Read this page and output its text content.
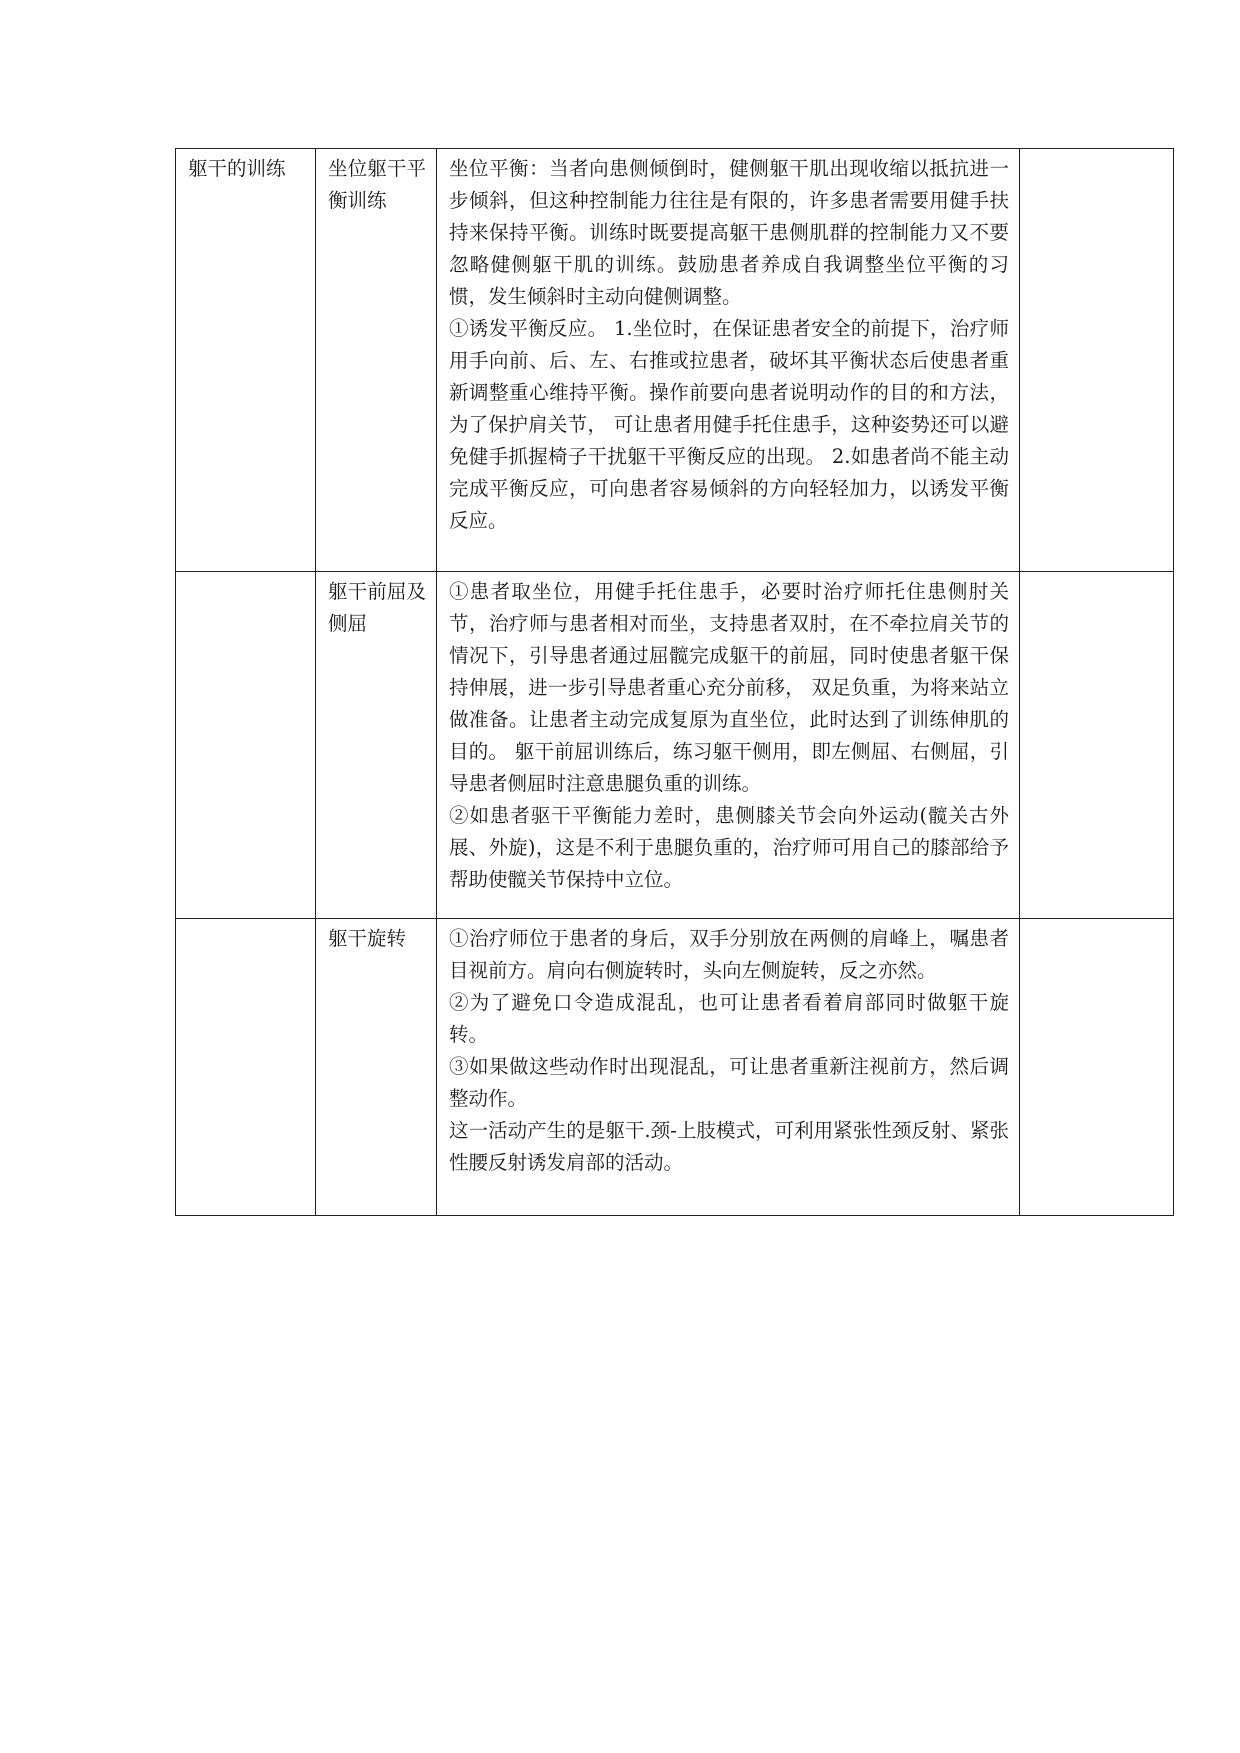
躯干的训练	坐位躯干平衡训练	坐位平衡：当者向患侧倾倒时，健侧躯干肌出现收缩以抵抗进一步倾斜，但这种控制能力往往是有限的，许多患者需要用健手扶持来保持平衡。训练时既要提高躯干患侧肌群的控制能力又不要忽略健侧躯干肌的训练。鼓励患者养成自我调整坐位平衡的习惯，发生倾斜时主动向健侧调整。
①诱发平衡反应。 1.坐位时，在保证患者安全的前提下，治疗师用手向前、后、左、右推或拉患者，破坏其平衡状态后使患者重新调整重心维持平衡。操作前要向患者说明动作的目的和方法，为了保护肩关节， 可让患者用健手托住患手，这种姿势还可以避免健手抓握椅子干扰躯干平衡反应的出现。 2.如患者尚不能主动完成平衡反应，可向患者容易倾斜的方向轻轻加力，以诱发平衡反应。	

	躯干前屈及侧屈	①患者取坐位，用健手托住患手，必要时治疗师托住患侧肘关节，治疗师与患者相对而坐，支持患者双肘，在不牵拉肩关节的情况下，引导患者通过屈髋完成躯干的前屈，同时使患者躯干保持伸展，进一步引导患者重心充分前移， 双足负重，为将来站立做准备。让患者主动完成复原为直坐位，此时达到了训练伸肌的目的。 躯干前屈训练后，练习躯干侧用，即左侧屈、右侧屈，引导患者侧屈时注意患腿负重的训练。
②如患者驱干平衡能力差时，患侧膝关节会向外运动(髋关古外展、外旋)，这是不利于患腿负重的，治疗师可用自己的膝部给予帮助使髋关节保持中立位。	

	躯干旋转	①治疗师位于患者的身后，双手分别放在两侧的肩峰上，嘱患者目视前方。肩向右侧旋转时，头向左侧旋转，反之亦然。
②为了避免口令造成混乱，也可让患者看着肩部同时做躯干旋转。
③如果做这些动作时出现混乱，可让患者重新注视前方，然后调整动作。
这一活动产生的是躯干.颈-上肢模式，可利用紧张性颈反射、紧张性腰反射诱发肩部的活动。	
